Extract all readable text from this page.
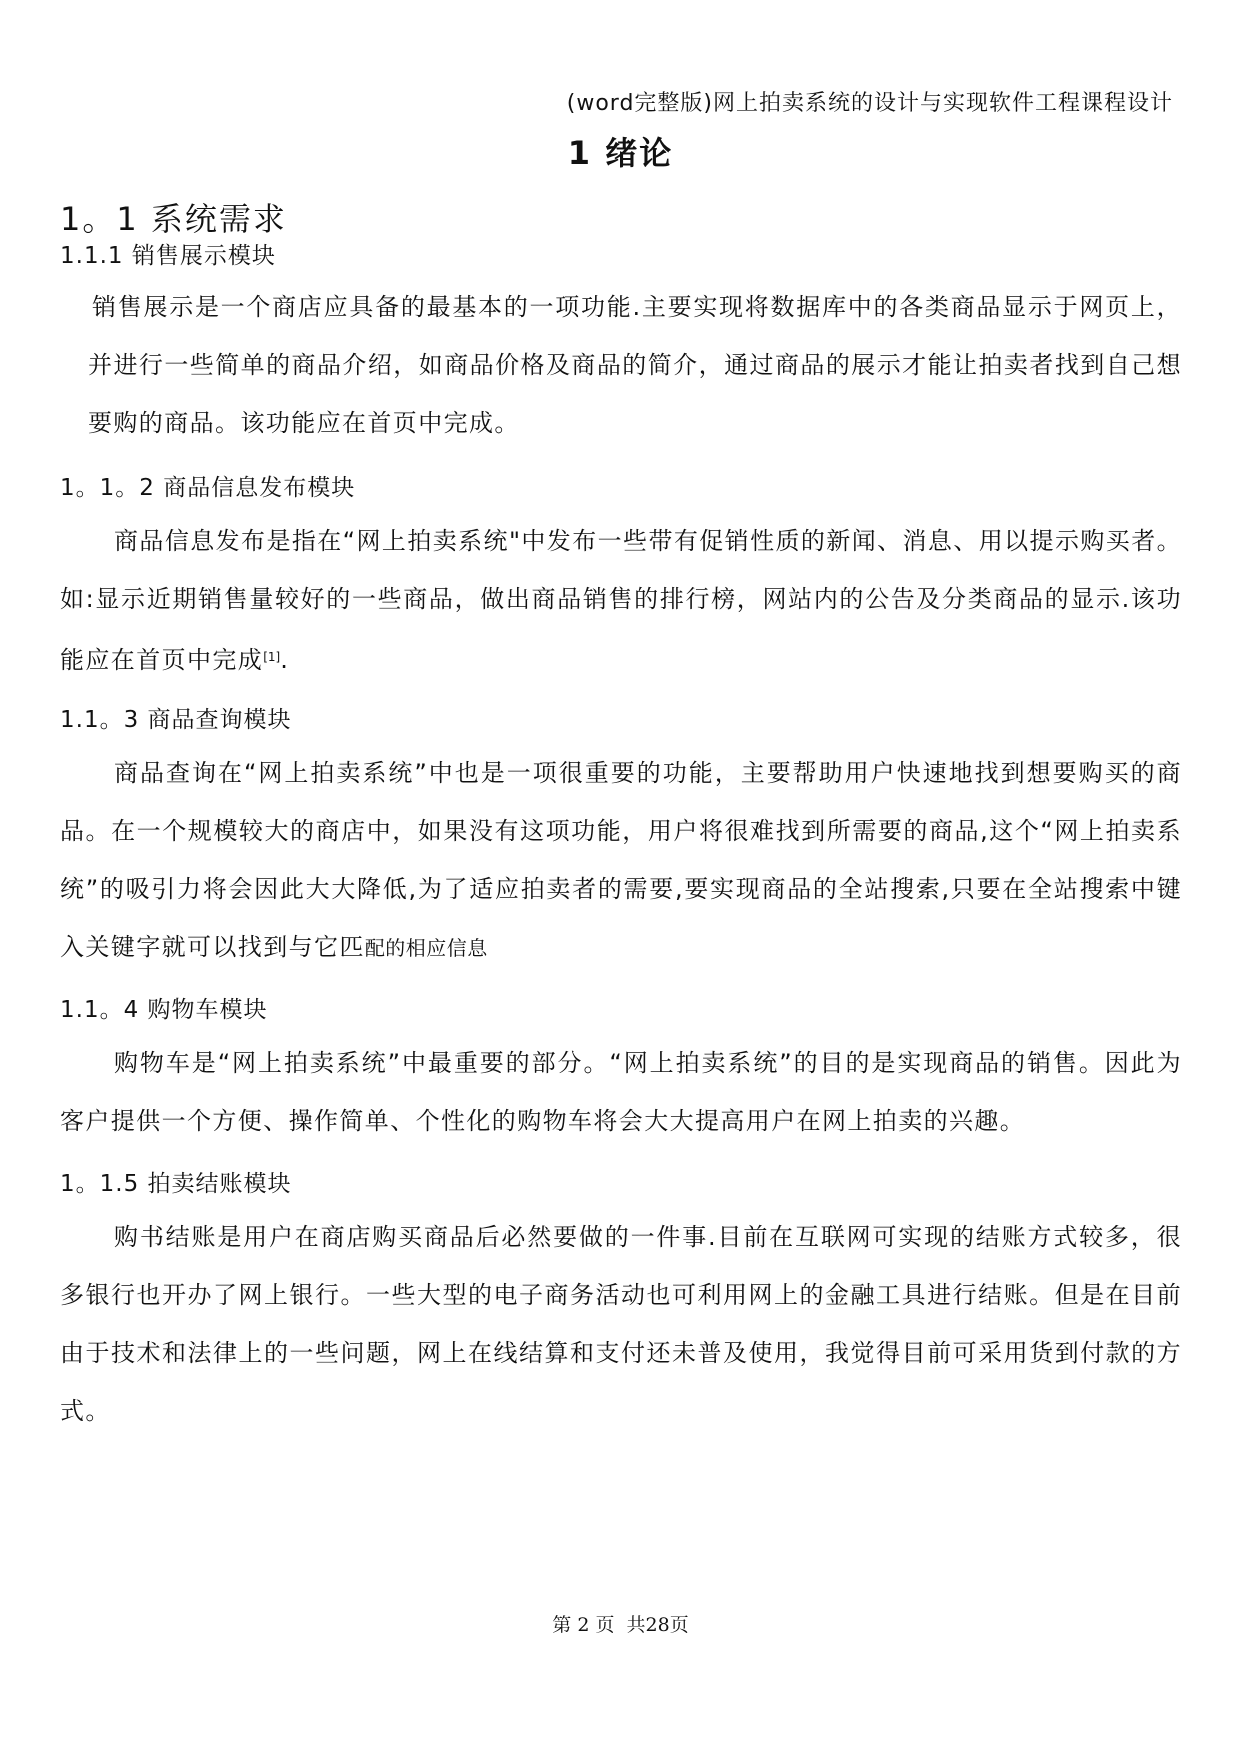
(word完整版)网上拍卖系统的设计与实现软件工程课程设计
1 绪论
1。1 系统需求
1.1.1 销售展示模块

销售展示是一个商店应具备的最基本的一项功能.主要实现将数据库中的各类商品显示于网页上，并进行一些简单的商品介绍，如商品价格及商品的简介，通过商品的展示才能让拍卖者找到自己想要购的商品。该功能应在首页中完成。

1。1。2 商品信息发布模块

商品信息发布是指在“网上拍卖系统"中发布一些带有促销性质的新闻、消息、用以提示购买者。如:显示近期销售量较好的一些商品，做出商品销售的排行榜，网站内的公告及分类商品的显示.该功能应在首页中完成[1].

1.1。3 商品查询模块

商品查询在“网上拍卖系统”中也是一项很重要的功能，主要帮助用户快速地找到想要购买的商品。在一个规模较大的商店中，如果没有这项功能，用户将很难找到所需要的商品,这个“网上拍卖系统”的吸引力将会因此大大降低,为了适应拍卖者的需要,要实现商品的全站搜索,只要在全站搜索中键入关键字就可以找到与它匹配的相应信息

1.1。4 购物车模块

购物车是“网上拍卖系统”中最重要的部分。“网上拍卖系统”的目的是实现商品的销售。因此为客户提供一个方便、操作简单、个性化的购物车将会大大提高用户在网上拍卖的兴趣。

1。1.5 拍卖结账模块

购书结账是用户在商店购买商品后必然要做的一件事.目前在互联网可实现的结账方式较多，很多银行也开办了网上银行。一些大型的电子商务活动也可利用网上的金融工具进行结账。但是在目前由于技术和法律上的一些问题，网上在线结算和支付还未普及使用，我觉得目前可采用货到付款的方式。

第 2 页  共28页
